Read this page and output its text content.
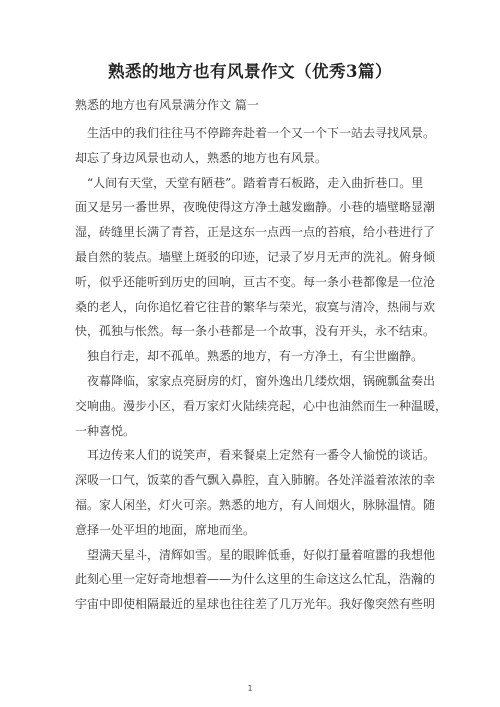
熟悉的地方也有风景作文（优秀3篇）
熟悉的地方也有风景满分作文 篇一
生活中的我们往往马不停蹄奔赴着一个又一个下一站去寻找风景。
却忘了身边风景也动人，熟悉的地方也有风景。
“人间有天堂，天堂有陋巷”。踏着青石板路，走入曲折巷口。里
面又是另一番世界，夜晚使得这方净土越发幽静。小巷的墙壁略显潮
湿，砖缝里长满了青苔，正是这东一点西一点的苔痕，给小巷进行了
最自然的装点。墙壁上斑驳的印迹，记录了岁月无声的洗礼。俯身倾
听，似乎还能听到历史的回响，亘古不变。每一条小巷都像是一位沧
桑的老人，向你追忆着它往昔的繁华与荣光，寂寞与清冷，热闹与欢
快，孤独与怅然。每一条小巷都是一个故事，没有开头，永不结束。
独自行走，却不孤单。熟悉的地方，有一方净土，有尘世幽静。
夜幕降临，家家点亮厨房的灯，窗外逸出几缕炊烟，锅碗瓢盆奏出
交响曲。漫步小区，看万家灯火陆续亮起，心中也油然而生一种温暖，
一种喜悦。
耳边传来人们的说笑声，看来餐桌上定然有一番令人愉悦的谈话。
深吸一口气，饭菜的香气飘入鼻腔，直入肺腑。各处洋溢着浓浓的幸
福。家人闲坐，灯火可亲。熟悉的地方，有人间烟火，脉脉温情。随
意择一处平坦的地面，席地而坐。
望满天星斗，清辉如雪。星的眼眸低垂，好似打量着喧嚣的我想他
此刻心里一定好奇地想着——为什么这里的生命这这么忙乱，浩瀚的
宇宙中即使相隔最近的星球也往往差了几万光年。我好像突然有些明
1
